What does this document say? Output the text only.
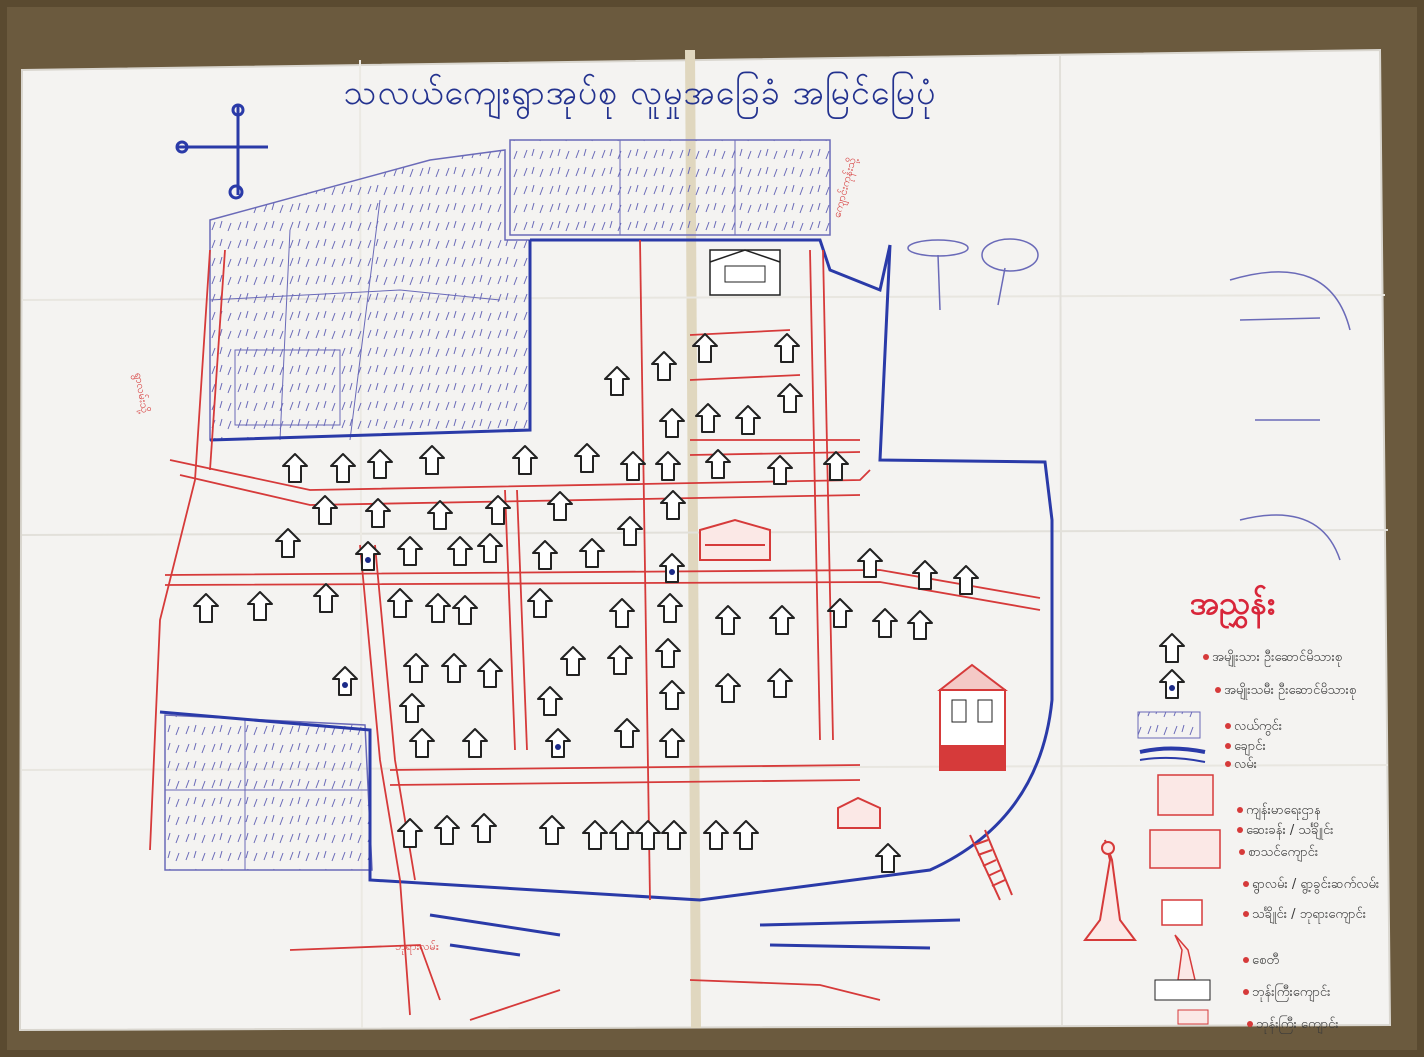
သလယ်ကျေးရွာအုပ်စု လူမှုအခြေခံ အမြင်မြေပုံ
အညွှန်း
အမျိုးသား ဦးဆောင်မိသားစု
အမျိုးသမီး ဦးဆောင်မိသားစု
လယ်ကွင်း
ချောင်း
လမ်း
ကျန်းမာရေးဌာန
ဆေးခန်း / သင်္ချိုင်း
စာသင်ကျောင်း
ရွာလမ်း / ရွာ့ခွင်းဆက်လမ်း
သင်္ချိုင်း / ဘုရားကျောင်း
စေတီ
ဘုန်းကြီးကျောင်း
ဘုန်းကြီး ကျောင်း
ကျောင်းကုန်းသို့
ရွာလမ်းသို့
ဘုရားလမ်း
